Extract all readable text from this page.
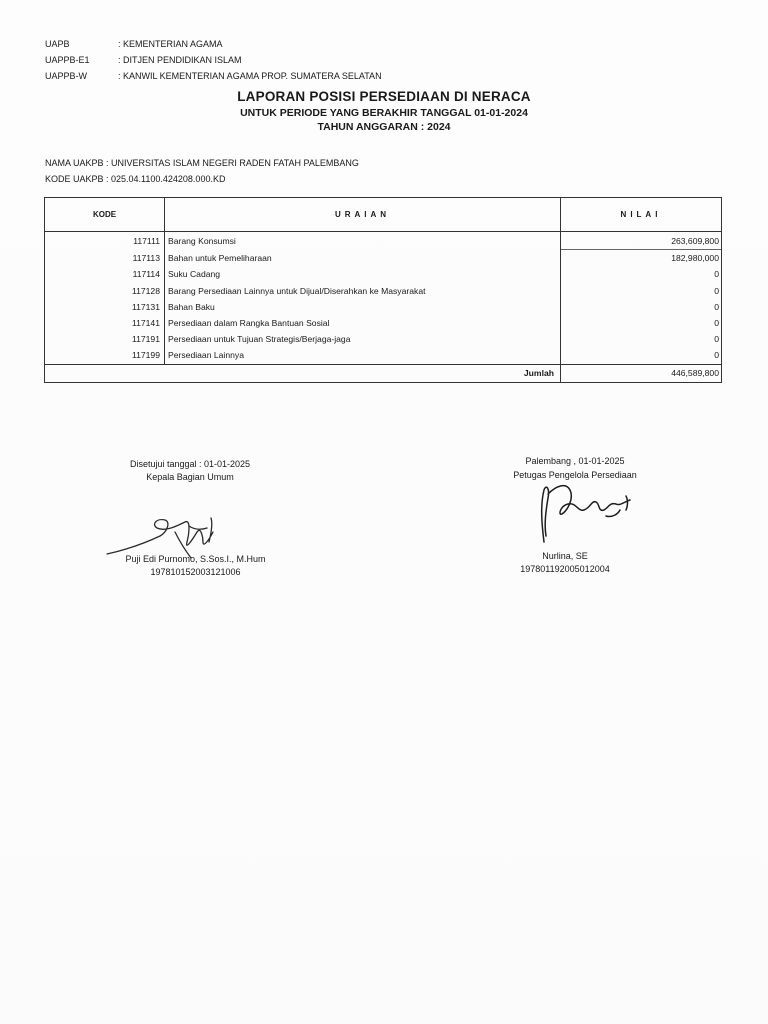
UAPB	: KEMENTERIAN AGAMA
UAPPB-E1	: DITJEN PENDIDIKAN ISLAM
UAPPB-W	: KANWIL KEMENTERIAN AGAMA PROP. SUMATERA SELATAN
LAPORAN POSISI PERSEDIAAN DI NERACA
UNTUK PERIODE YANG BERAKHIR TANGGAL 01-01-2024
TAHUN ANGGARAN : 2024
NAMA UAKPB : UNIVERSITAS ISLAM NEGERI RADEN FATAH PALEMBANG
KODE UAKPB : 025.04.1100.424208.000.KD
KODE	URAIAN	NILAI
117111	Barang Konsumsi	263,609,800
117113	Bahan untuk Pemeliharaan	182,980,000
117114	Suku Cadang	0
117128	Barang Persediaan Lainnya untuk Dijual/Diserahkan ke Masyarakat	0
117131	Bahan Baku	0
117141	Persediaan dalam Rangka Bantuan Sosial	0
117191	Persediaan untuk Tujuan Strategis/Berjaga-jaga	0
117199	Persediaan Lainnya	0
Jumlah		446,589,800
Disetujui tanggal : 01-01-2025
Kepala Bagian Umum
Puji Edi Purnomo, S.Sos.I., M.Hum
197810152003121006
Palembang , 01-01-2025
Petugas Pengelola Persediaan
Nurlina, SE
197801192005012004
